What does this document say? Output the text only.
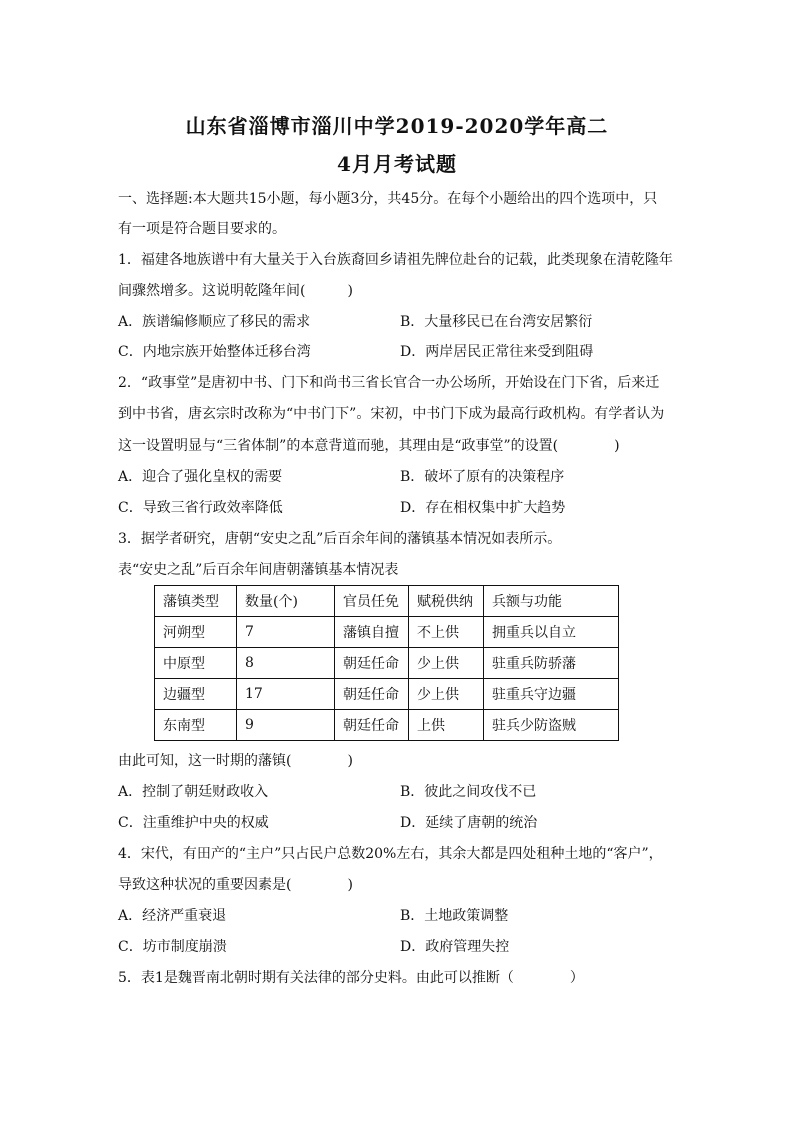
山东省淄博市淄川中学2019-2020学年高二
4月月考试题
一、选择题:本大题共15小题，每小题3分，共45分。在每个小题给出的四个选项中，只
有一项是符合题目要求的。
1．福建各地族谱中有大量关于入台族裔回乡请祖先牌位赴台的记载，此类现象在清乾隆年
间骤然增多。这说明乾隆年间(　　　)
A．族谱编修顺应了移民的需求	B．大量移民已在台湾安居繁衍
C．内地宗族开始整体迁移台湾	D．两岸居民正常往来受到阻碍
2．“政事堂”是唐初中书、门下和尚书三省长官合一办公场所，开始设在门下省，后来迁
到中书省，唐玄宗时改称为“中书门下”。宋初，中书门下成为最高行政机构。有学者认为
这一设置明显与“三省体制”的本意背道而驰，其理由是“政事堂”的设置(　　　　)
A．迎合了强化皇权的需要	B．破坏了原有的决策程序
C．导致三省行政效率降低	D．存在相权集中扩大趋势
3．据学者研究，唐朝“安史之乱”后百余年间的藩镇基本情况如表所示。
表“安史之乱”后百余年间唐朝藩镇基本情况表
藩镇类型	数量(个)	官员任免	赋税供纳	兵额与功能
河朔型	7	藩镇自擅	不上供	拥重兵以自立
中原型	8	朝廷任命	少上供	驻重兵防骄藩
边疆型	17	朝廷任命	少上供	驻重兵守边疆
东南型	9	朝廷任命	上供	驻兵少防盗贼
由此可知，这一时期的藩镇(　　　　)
A．控制了朝廷财政收入	B．彼此之间攻伐不已
C．注重维护中央的权威	D．延续了唐朝的统治
4．宋代，有田产的“主户”只占民户总数20%左右，其余大都是四处租种土地的“客户”，
导致这种状况的重要因素是(　　　　)
A．经济严重衰退	B．土地政策调整
C．坊市制度崩溃	D．政府管理失控
5．表1是魏晋南北朝时期有关法律的部分史料。由此可以推断（　　　　）
